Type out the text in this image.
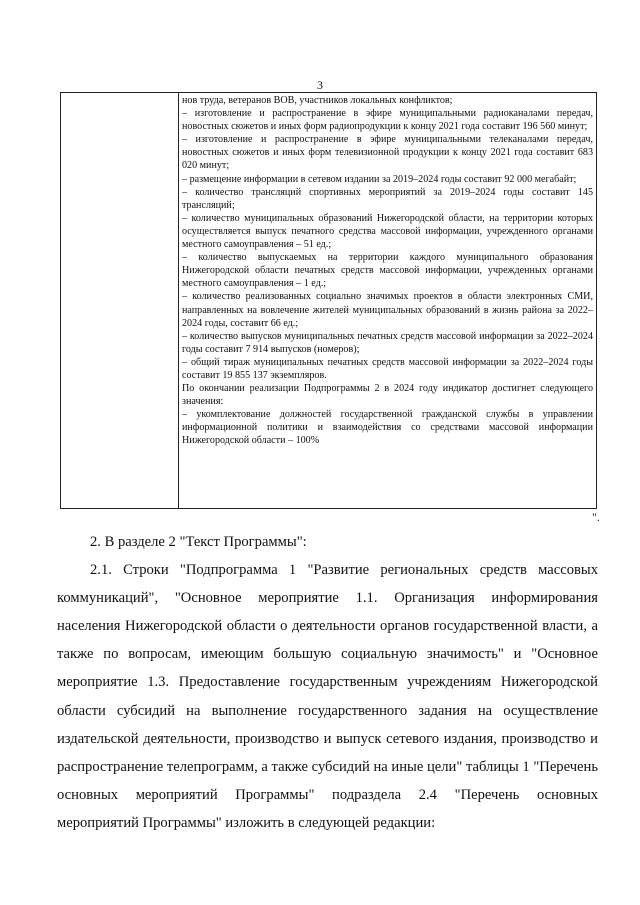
3

нов труда, ветеранов ВОВ, участников локальных конфликтов;

– изготовление и распространение в эфире муниципальными радиоканалами передач, новостных сюжетов и иных форм радиопродукции к концу 2021 года составит 196 560 минут;

– изготовление и распространение в эфире муниципальными телеканалами передач, новостных сюжетов и иных форм телевизионной продукции к концу 2021 года составит 683 020 минут;

– размещение информации в сетевом издании за 2019–2024 годы составит 92 000 мегабайт;

– количество трансляций спортивных мероприятий за 2019–2024 годы составит 145 трансляций;

– количество муниципальных образований Нижегородской области, на территории которых осуществляется выпуск печатного средства массовой информации, учрежденного органами местного самоуправления – 51 ед.;

– количество выпускаемых на территории каждого муниципального образования Нижегородской области печатных средств массовой информации, учрежденных органами местного самоуправления – 1 ед.;

– количество реализованных социально значимых проектов в области электронных СМИ, направленных на вовлечение жителей муниципальных образований в жизнь района за 2022–2024 годы, составит 66 ед.;

– количество выпусков муниципальных печатных средств массовой информации за 2022–2024 годы составит 7 914 выпусков (номеров);

– общий тираж муниципальных печатных средств массовой информации за 2022–2024 годы составит 19 855 137 экземпляров.

По окончании реализации Подпрограммы 2 в 2024 году индикатор достигнет следующего значения:

– укомплектование должностей государственной гражданской службы в управлении информационной политики и взаимодействия со средствами массовой информации Нижегородской области – 100%

".

2. В разделе 2 "Текст Программы":

2.1. Строки "Подпрограмма 1 "Развитие региональных средств массовых коммуникаций", "Основное мероприятие 1.1. Организация информирования населения Нижегородской области о деятельности органов государственной власти, а также по вопросам, имеющим большую социальную значимость" и "Основное мероприятие 1.3. Предоставление государственным учреждениям Нижегородской области субсидий на выполнение государственного задания на осуществление издательской деятельности, производство и выпуск сетевого издания, производство и распространение телепрограмм, а также субсидий на иные цели" таблицы 1 "Перечень основных мероприятий Программы" подраздела 2.4 "Перечень основных мероприятий Программы" изложить в следующей редакции:
